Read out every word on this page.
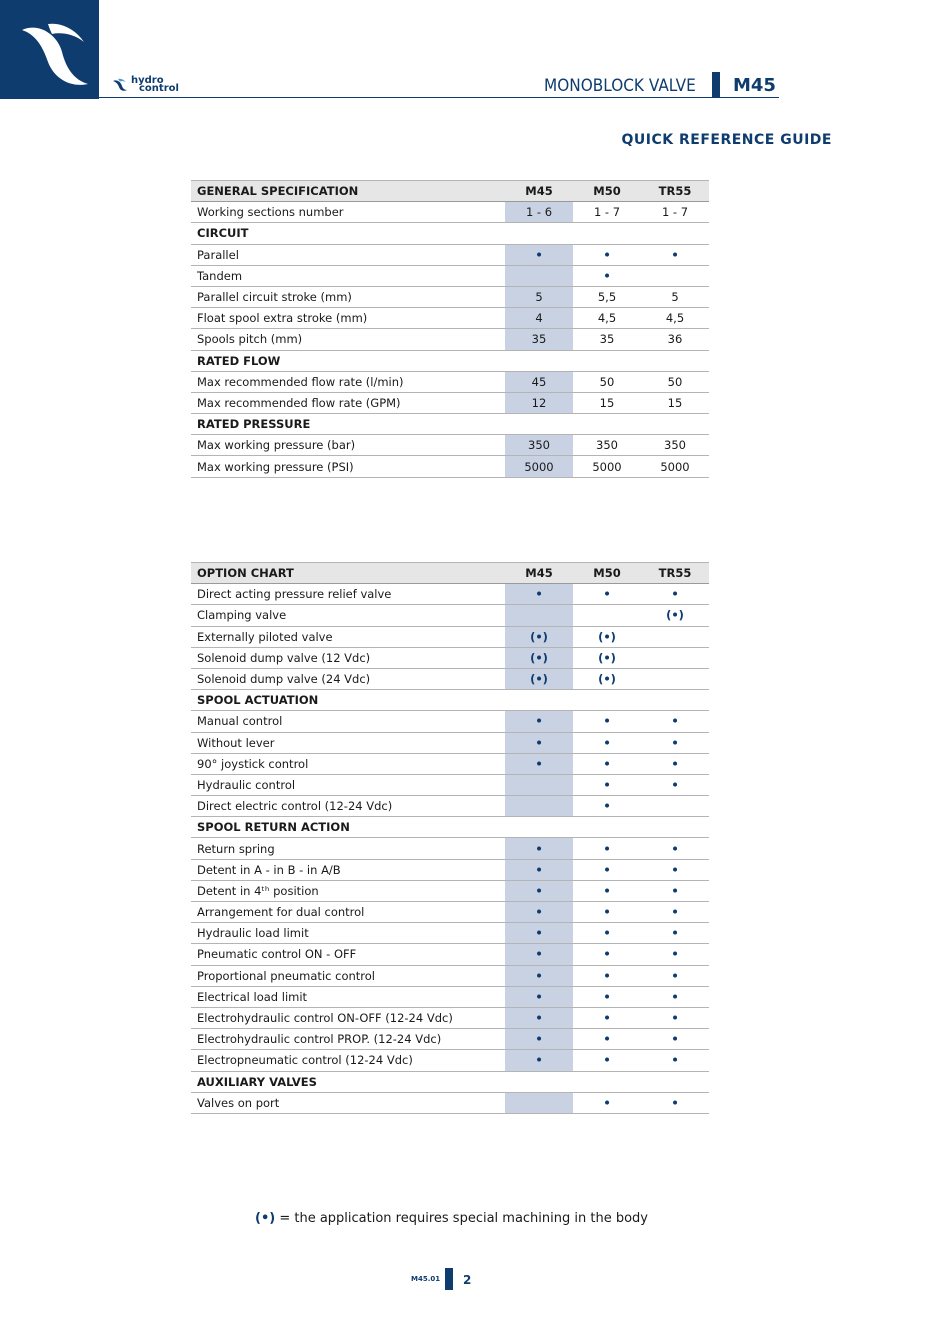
hydro
control	MONOBLOCK VALVE M45
QUICK REFERENCE GUIDE
GENERAL SPECIFICATION	M45	M50	TR55
Working sections number	1 - 6	1 - 7	1 - 7
CIRCUIT			
Parallel	•	•	•
Tandem		•	
Parallel circuit stroke (mm)	5	5,5	5
Float spool extra stroke (mm)	4	4,5	4,5
Spools pitch (mm)	35	35	36
RATED FLOW			
Max recommended flow rate (l/min)	45	50	50
Max recommended flow rate (GPM)	12	15	15
RATED PRESSURE			
Max working pressure (bar)	350	350	350
Max working pressure (PSI)	5000	5000	5000
OPTION CHART	M45	M50	TR55
Direct acting pressure relief valve	•	•	•
Clamping valve			(•)
Externally piloted valve	(•)	(•)	
Solenoid dump valve (12 Vdc)	(•)	(•)	
Solenoid dump valve (24 Vdc)	(•)	(•)	
SPOOL ACTUATION			
Manual control	•	•	•
Without lever	•	•	•
90° joystick control	•	•	•
Hydraulic control		•	•
Direct electric control (12-24 Vdc)		•	
SPOOL RETURN ACTION			
Return spring	•	•	•
Detent in A - in B - in A/B	•	•	•
Detent in 4ᵗʰ position	•	•	•
Arrangement for dual control	•	•	•
Hydraulic load limit	•	•	•
Pneumatic control ON - OFF	•	•	•
Proportional pneumatic control	•	•	•
Electrical load limit	•	•	•
Electrohydraulic control ON-OFF (12-24 Vdc)	•	•	•
Electrohydraulic control PROP. (12-24 Vdc)	•	•	•
Electropneumatic control (12-24 Vdc)	•	•	•
AUXILIARY VALVES			
Valves on port		•	•
(•) = the application requires special machining in the body
M45.01 2
